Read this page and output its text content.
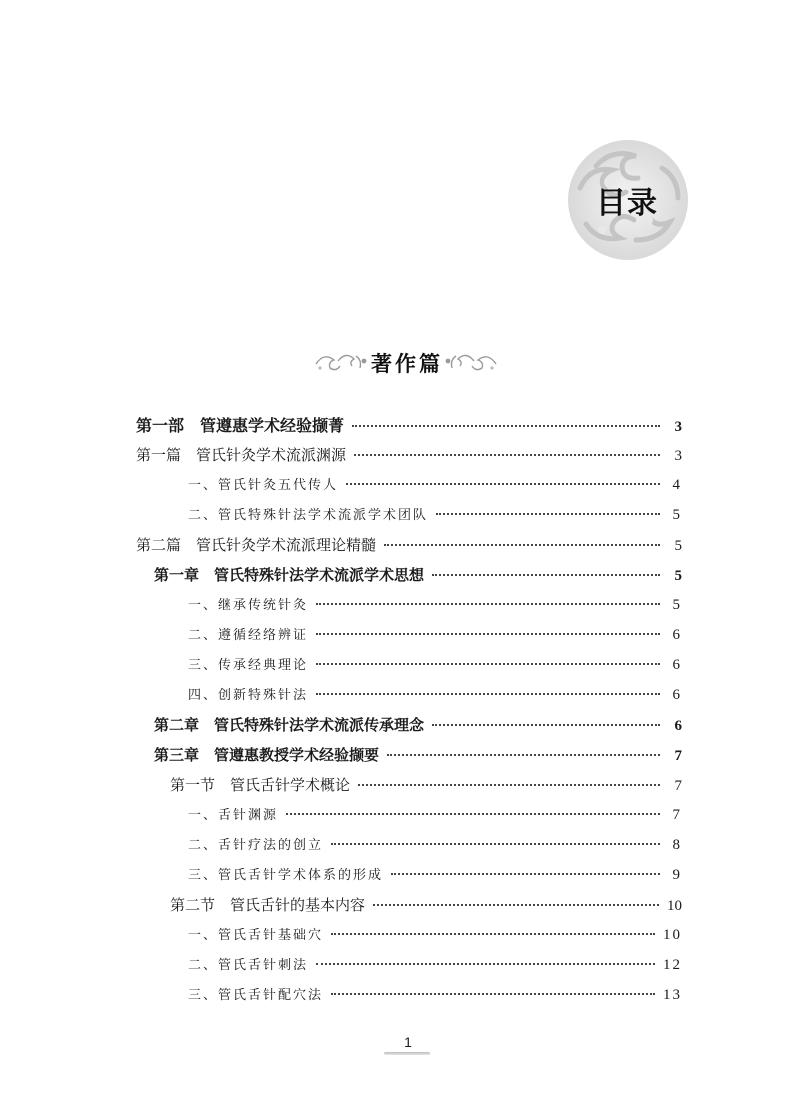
目录
著作篇
第一部　管遵惠学术经验撷菁	3
第一篇　管氏针灸学术流派渊源	3
一、管氏针灸五代传人	4
二、管氏特殊针法学术流派学术团队	5
第二篇　管氏针灸学术流派理论精髓	5
第一章　管氏特殊针法学术流派学术思想	5
一、继承传统针灸	5
二、遵循经络辨证	6
三、传承经典理论	6
四、创新特殊针法	6
第二章　管氏特殊针法学术流派传承理念	6
第三章　管遵惠教授学术经验撷要	7
第一节　管氏舌针学术概论	7
一、舌针渊源	7
二、舌针疗法的创立	8
三、管氏舌针学术体系的形成	9
第二节　管氏舌针的基本内容	10
一、管氏舌针基础穴	10
二、管氏舌针刺法	12
三、管氏舌针配穴法	13
1
